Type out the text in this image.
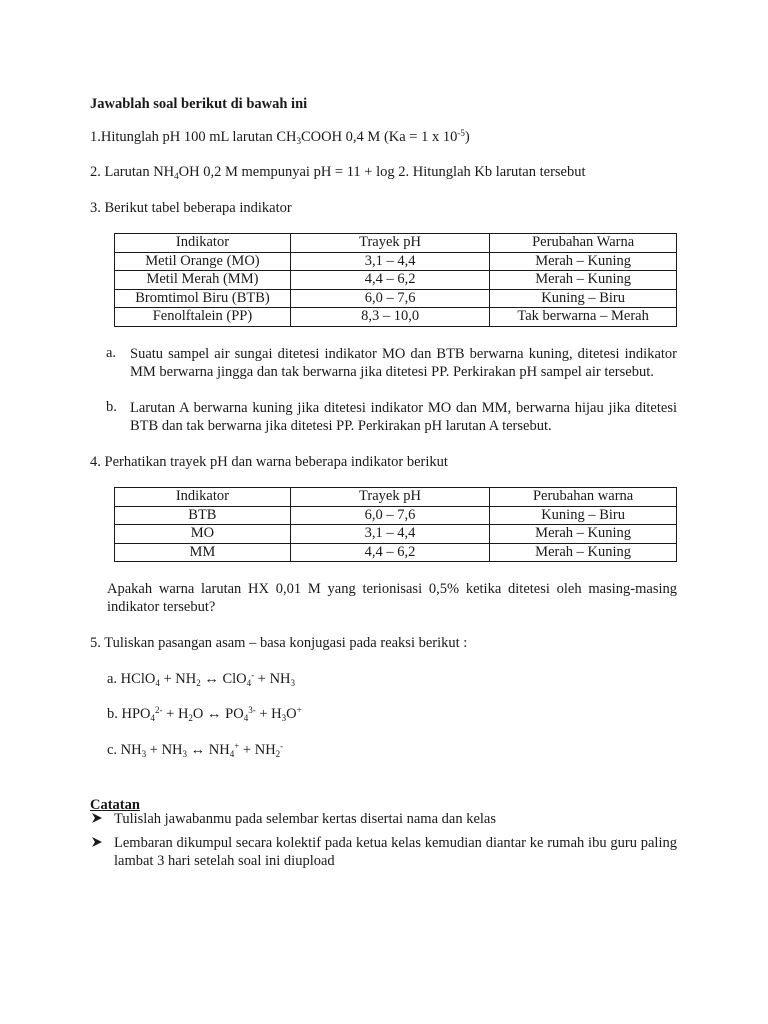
Jawablah soal berikut di bawah ini
1.Hitunglah pH 100 mL larutan $CH_3COOH$ 0,4 M (Ka = 1 x $10^{-5}$)
2. Larutan $NH_4OH$ 0,2 M mempunyai pH = 11 + log 2. Hitunglah Kb larutan tersebut
3. Berikut tabel beberapa indikator
Indikator	Trayek pH	Perubahan Warna
Metil Orange (MO)	3,1 – 4,4	Merah – Kuning
Metil Merah (MM)	4,4 – 6,2	Merah – Kuning
Bromtimol Biru (BTB)	6,0 – 7,6	Kuning – Biru
Fenolftalein (PP)	8,3 – 10,0	Tak berwarna – Merah
a. Suatu sampel air sungai ditetesi indikator MO dan BTB berwarna kuning, ditetesi indikator MM berwarna jingga dan tak berwarna jika ditetesi PP. Perkirakan pH sampel air tersebut.
b. Larutan A berwarna kuning jika ditetesi indikator MO dan MM, berwarna hijau jika ditetesi BTB dan tak berwarna jika ditetesi PP. Perkirakan pH larutan A tersebut.
4. Perhatikan trayek pH dan warna beberapa indikator berikut
Indikator	Trayek pH	Perubahan warna
BTB	6,0 – 7,6	Kuning – Biru
MO	3,1 – 4,4	Merah – Kuning
MM	4,4 – 6,2	Merah – Kuning
Apakah warna larutan HX 0,01 M yang terionisasi 0,5% ketika ditetesi oleh masing-masing indikator tersebut?
5. Tuliskan pasangan asam – basa konjugasi pada reaksi berikut :
a. HClO$_4$ + $NH_2$ ↔ $ClO_4^- + NH_3$
b. $HPO_4^{2-} + H_2O$ ↔ $PO_4^{3-} + H_3O^+$
c. $NH_3 + NH_3$ ↔ $NH_4^+ + NH_2^-$
Catatan
Tulislah jawabanmu pada selembar kertas disertai nama dan kelas
Lembaran dikumpul secara kolektif pada ketua kelas kemudian diantar ke rumah ibu guru paling lambat 3 hari setelah soal ini diupload
